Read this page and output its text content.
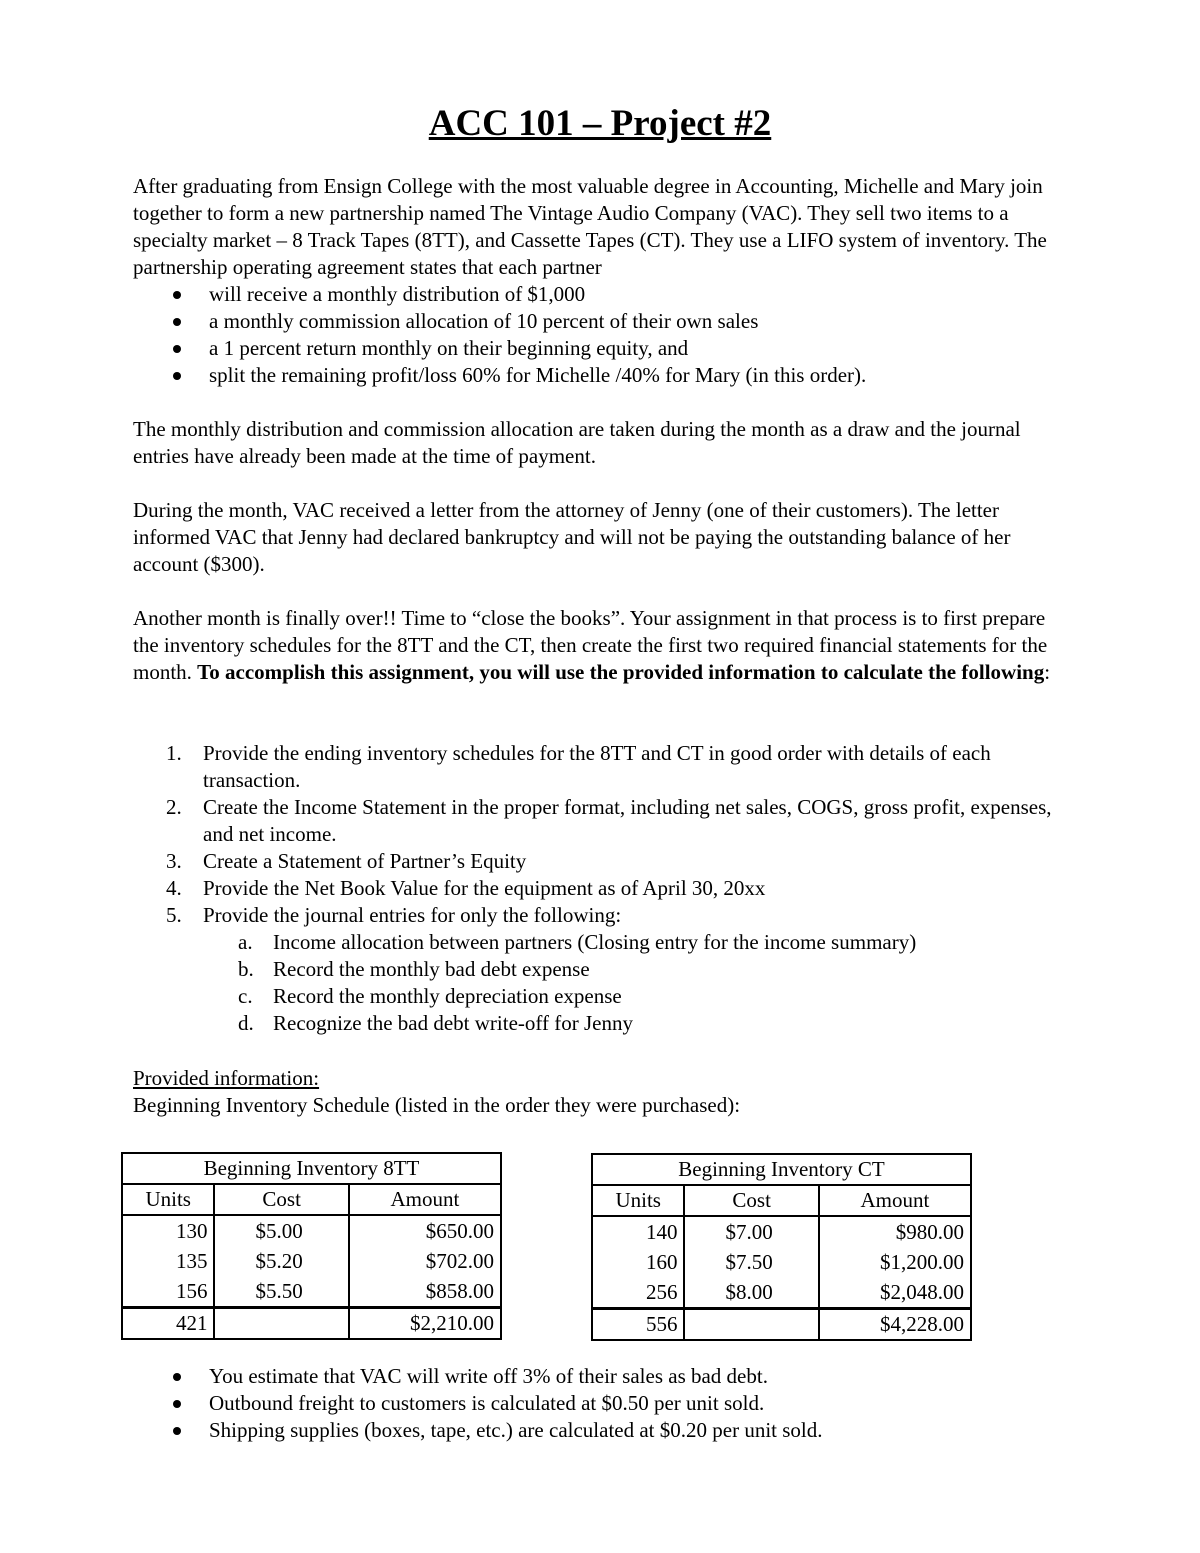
ACC 101 – Project #2

After graduating from Ensign College with the most valuable degree in Accounting, Michelle and Mary join together to form a new partnership named The Vintage Audio Company (VAC). They sell two items to a specialty market – 8 Track Tapes (8TT), and Cassette Tapes (CT). They use a LIFO system of inventory. The partnership operating agreement states that each partner

will receive a monthly distribution of $1,000
a monthly commission allocation of 10 percent of their own sales
a 1 percent return monthly on their beginning equity, and
split the remaining profit/loss 60% for Michelle /40% for Mary (in this order).

The monthly distribution and commission allocation are taken during the month as a draw and the journal entries have already been made at the time of payment.

During the month, VAC received a letter from the attorney of Jenny (one of their customers). The letter informed VAC that Jenny had declared bankruptcy and will not be paying the outstanding balance of her account ($300).

Another month is finally over!! Time to “close the books”. Your assignment in that process is to first prepare the inventory schedules for the 8TT and the CT, then create the first two required financial statements for the month. To accomplish this assignment, you will use the provided information to calculate the following:

1. Provide the ending inventory schedules for the 8TT and CT in good order with details of each transaction.
2. Create the Income Statement in the proper format, including net sales, COGS, gross profit, expenses, and net income.
3. Create a Statement of Partner’s Equity
4. Provide the Net Book Value for the equipment as of April 30, 20xx
5. Provide the journal entries for only the following:
a. Income allocation between partners (Closing entry for the income summary)
b. Record the monthly bad debt expense
c. Record the monthly depreciation expense
d. Recognize the bad debt write-off for Jenny

Provided information:

Beginning Inventory Schedule (listed in the order they were purchased):

Beginning Inventory 8TT		
Units	Cost	Amount
130	$5.00	$650.00
135	$5.20	$702.00
156	$5.50	$858.00
421		$2,210.00
Beginning Inventory CT		
Units	Cost	Amount
140	$7.00	$980.00
160	$7.50	$1,200.00
256	$8.00	$2,048.00
556		$4,228.00
You estimate that VAC will write off 3% of their sales as bad debt.
Outbound freight to customers is calculated at $0.50 per unit sold.
Shipping supplies (boxes, tape, etc.) are calculated at $0.20 per unit sold.
